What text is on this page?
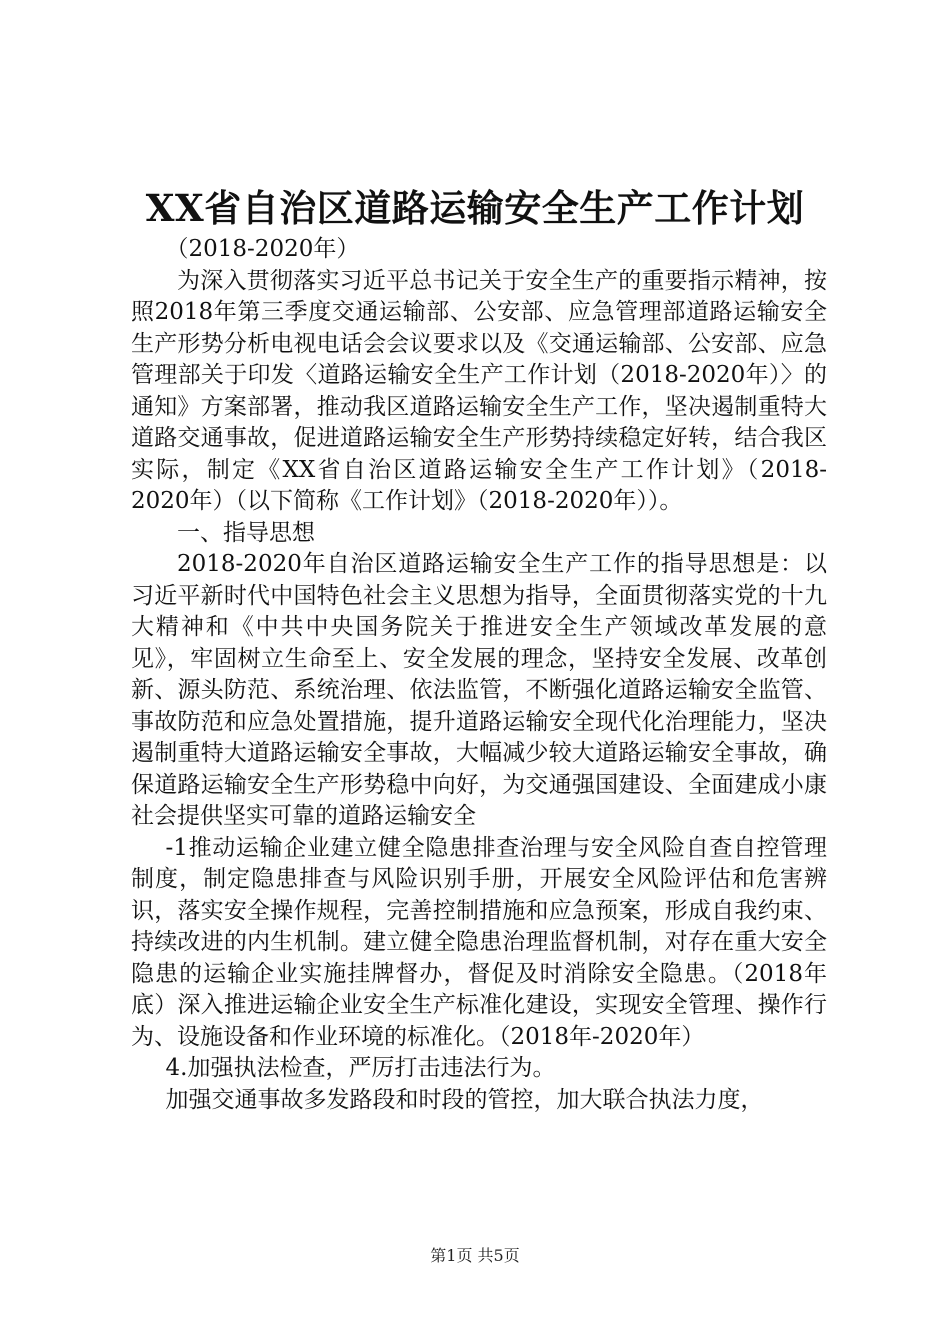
XX省自治区道路运输安全生产工作计划

（2018-2020年）

为深入贯彻落实习近平总书记关于安全生产的重要指示精神，按照2018年第三季度交通运输部、公安部、应急管理部道路运输安全生产形势分析电视电话会会议要求以及《交通运输部、公安部、应急管理部关于印发〈道路运输安全生产工作计划（2018-2020年）〉的通知》方案部署，推动我区道路运输安全生产工作，坚决遏制重特大道路交通事故，促进道路运输安全生产形势持续稳定好转，结合我区实际，制定《XX省自治区道路运输安全生产工作计划》（2018-2020年）（以下简称《工作计划》（2018-2020年））。

一、指导思想

2018-2020年自治区道路运输安全生产工作的指导思想是：以习近平新时代中国特色社会主义思想为指导，全面贯彻落实党的十九大精神和《中共中央国务院关于推进安全生产领域改革发展的意见》，牢固树立生命至上、安全发展的理念，坚持安全发展、改革创新、源头防范、系统治理、依法监管，不断强化道路运输安全监管、事故防范和应急处置措施，提升道路运输安全现代化治理能力，坚决遏制重特大道路运输安全事故，大幅减少较大道路运输安全事故，确保道路运输安全生产形势稳中向好，为交通强国建设、全面建成小康社会提供坚实可靠的道路运输安全

-1推动运输企业建立健全隐患排查治理与安全风险自查自控管理制度，制定隐患排查与风险识别手册，开展安全风险评估和危害辨识，落实安全操作规程，完善控制措施和应急预案，形成自我约束、持续改进的内生机制。建立健全隐患治理监督机制，对存在重大安全隐患的运输企业实施挂牌督办，督促及时消除安全隐患。（2018年底）深入推进运输企业安全生产标准化建设，实现安全管理、操作行为、设施设备和作业环境的标准化。（2018年-2020年）

4.加强执法检查，严厉打击违法行为。

加强交通事故多发路段和时段的管控，加大联合执法力度，

第1页 共5页
